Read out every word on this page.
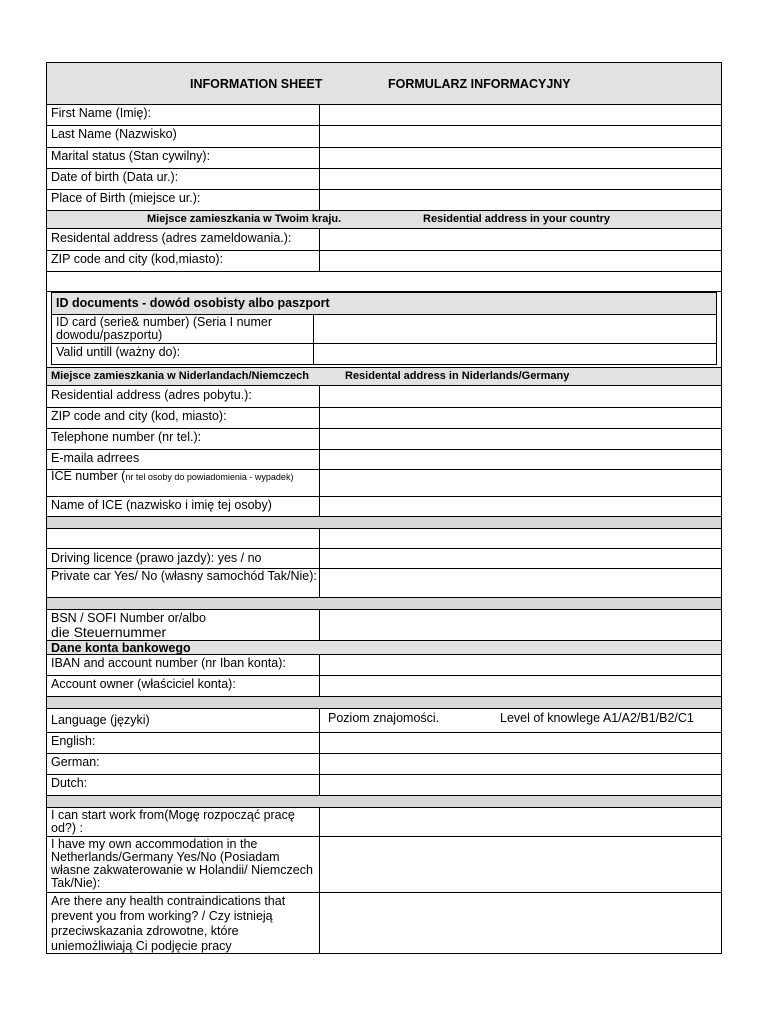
INFORMATION SHEET	FORMULARZ INFORMACYJNY
First Name (Imię):
Last Name (Nazwisko)
Marital status (Stan cywilny):
Date of birth (Data ur.):
Place of Birth (miejsce ur.):
Miejsce zamieszkania w Twoim kraju.	Residential address in your country
Residental address (adres zameldowania.):
ZIP code and city (kod,miasto):
ID documents - dowód osobisty albo paszport
ID card (serie& number) (Seria I numer dowodu/paszportu)
Valid untill (ważny do):
Miejsce zamieszkania w Niderlandach/Niemczech	Residental address in Niderlands/Germany
Residential address (adres pobytu.):
ZIP code and city (kod, miasto):
Telephone number (nr tel.):
E-maila adrrees
ICE number (nr tel osoby do powiadomienia - wypadek)
Name of ICE (nazwisko i imię tej osoby)
Driving licence (prawo jazdy): yes / no
Private car Yes/ No (własny samochód Tak/Nie):
BSN / SOFI Number or/albo
die Steuernummer
Dane konta bankowego
IBAN and account number (nr Iban konta):
Account owner (właściciel konta):
Language (języki)	Poziom znajomości.	Level of knowlege A1/A2/B1/B2/C1
English:
German:
Dutch:
I can start work from(Mogę rozpocząć pracę od?) :
I have my own accommodation in the Netherlands/Germany Yes/No (Posiadam własne zakwaterowanie w Holandii/ Niemczech Tak/Nie):
Are there any health contraindications that prevent you from working? / Czy istnieją przeciwskazania zdrowotne, które uniemożliwiają Ci podjęcie pracy
